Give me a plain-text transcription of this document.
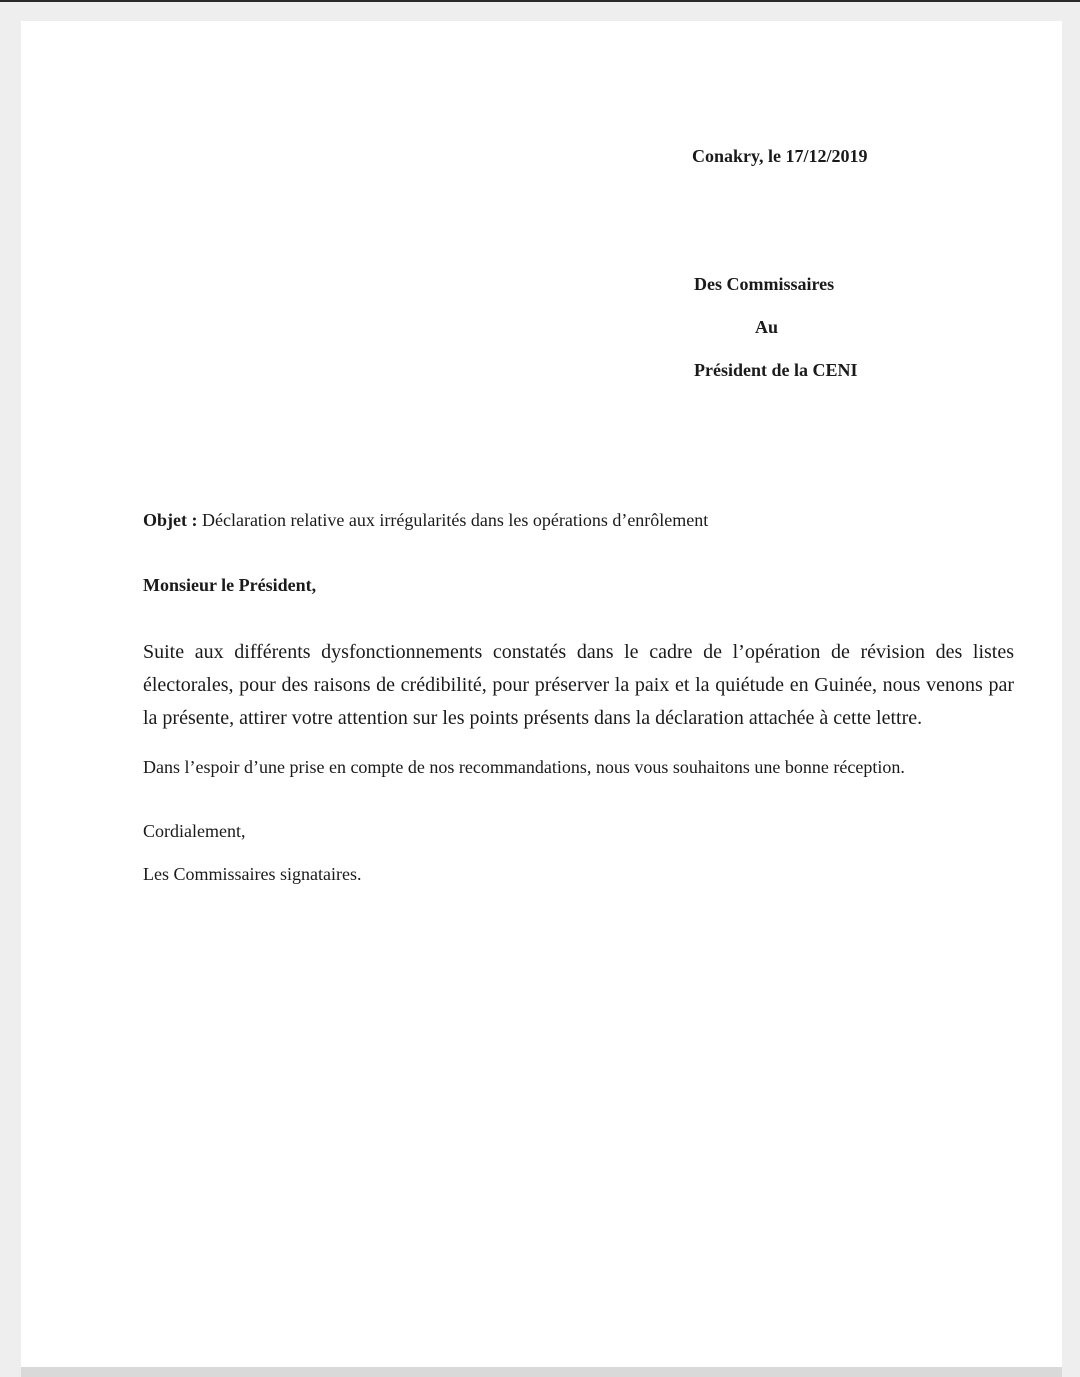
Conakry, le 17/12/2019
Des Commissaires
Au
Président de la CENI
Objet : Déclaration relative aux irrégularités dans les opérations d’enrôlement
Monsieur le Président,

Suite aux différents dysfonctionnements constatés dans le cadre de l’opération de révision des listes électorales, pour des raisons de crédibilité, pour préserver la paix et la quiétude en Guinée, nous venons par la présente, attirer votre attention sur les points présents dans la déclaration attachée à cette lettre.

Dans l’espoir d’une prise en compte de nos recommandations, nous vous souhaitons une bonne réception.
Cordialement,
Les Commissaires signataires.
